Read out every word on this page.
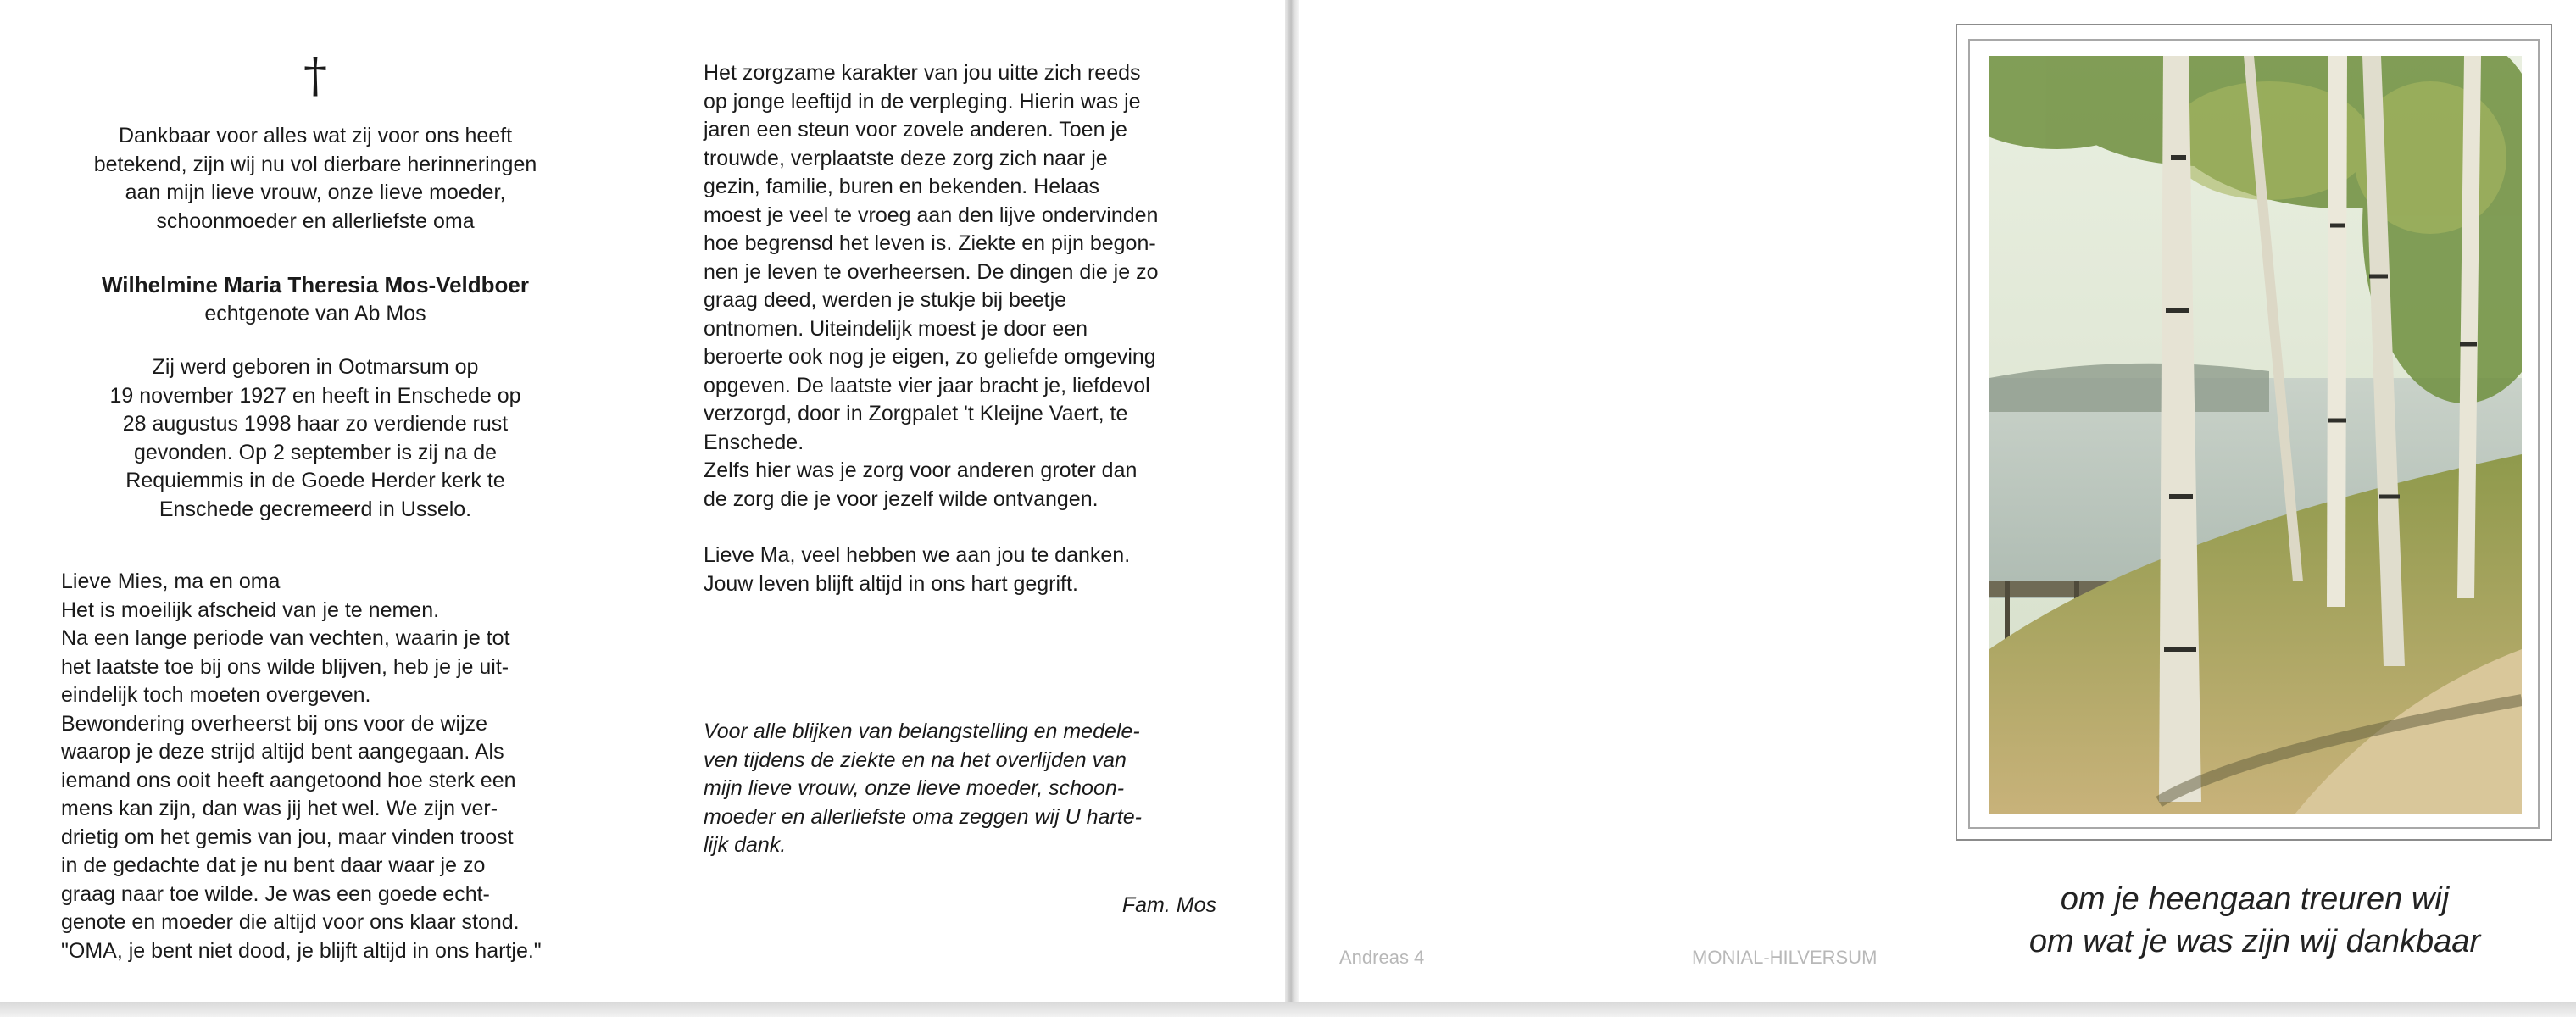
†
Dankbaar voor alles wat zij voor ons heeft
betekend, zijn wij nu vol dierbare herinneringen
aan mijn lieve vrouw, onze lieve moeder,
schoonmoeder en allerliefste oma
Wilhelmine Maria Theresia Mos-Veldboer
echtgenote van Ab Mos
Zij werd geboren in Ootmarsum op
19 november 1927 en heeft in Enschede op
28 augustus 1998 haar zo verdiende rust
gevonden. Op 2 september is zij na de
Requiemmis in de Goede Herder kerk te
Enschede gecremeerd in Usselo.

Lieve Mies, ma en oma

Het is moeilijk afscheid van je te nemen.

Na een lange periode van vechten, waarin je tot

het laatste toe bij ons wilde blijven, heb je je uit-

eindelijk toch moeten overgeven.

Bewondering overheerst bij ons voor de wijze

waarop je deze strijd altijd bent aangegaan. Als

iemand ons ooit heeft aangetoond hoe sterk een

mens kan zijn, dan was jij het wel. We zijn ver-

drietig om het gemis van jou, maar vinden troost

in de gedachte dat je nu bent daar waar je zo

graag naar toe wilde. Je was een goede echt-

genote en moeder die altijd voor ons klaar stond.

"OMA, je bent niet dood, je blijft altijd in ons hartje."

Het zorgzame karakter van jou uitte zich reeds

op jonge leeftijd in de verpleging. Hierin was je

jaren een steun voor zovele anderen. Toen je

trouwde, verplaatste deze zorg zich naar je

gezin, familie, buren en bekenden. Helaas

moest je veel te vroeg aan den lijve ondervinden

hoe begrensd het leven is. Ziekte en pijn begon-

nen je leven te overheersen. De dingen die je zo

graag deed, werden je stukje bij beetje

ontnomen. Uiteindelijk moest je door een

beroerte ook nog je eigen, zo geliefde omgeving

opgeven. De laatste vier jaar bracht je, liefdevol

verzorgd, door in Zorgpalet 't Kleijne Vaert, te

Enschede.

Zelfs hier was je zorg voor anderen groter dan

de zorg die je voor jezelf wilde ontvangen.

Lieve Ma, veel hebben we aan jou te danken.

Jouw leven blijft altijd in ons hart gegrift.

Voor alle blijken van belangstelling en medele-
ven tijdens de ziekte en na het overlijden van
mijn lieve vrouw, onze lieve moeder, schoon-
moeder en allerliefste oma zeggen wij U harte-
lijk dank.
Fam. Mos
Andreas 4	MONIAL-HILVERSUM
om je heengaan treuren wij
om wat je was zijn wij dankbaar
